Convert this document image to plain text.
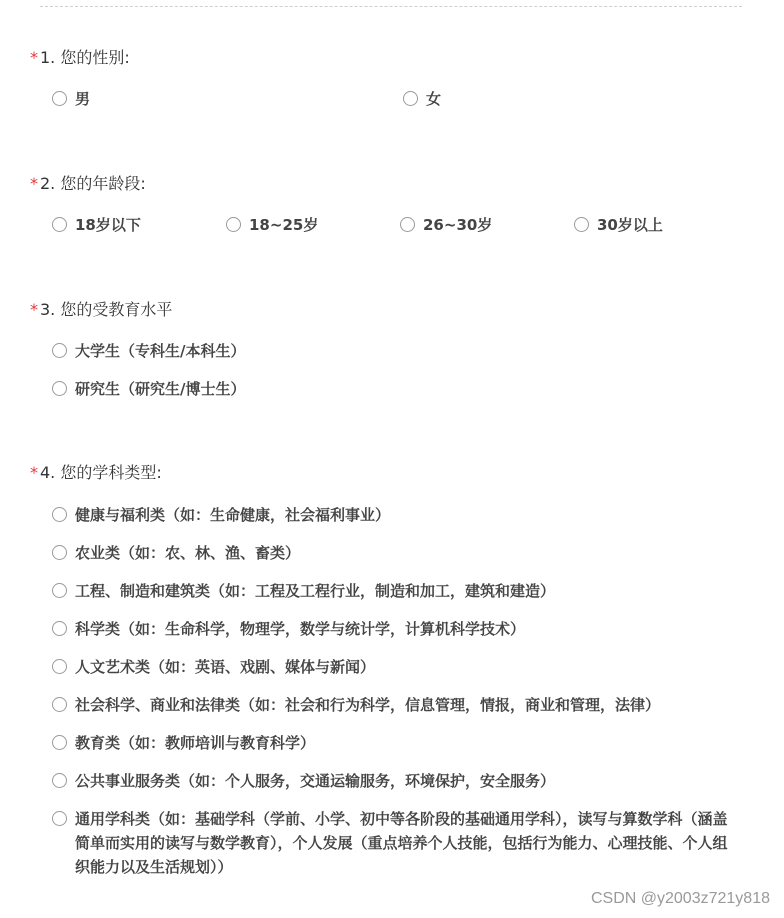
* 1. 您的性别:
男	女
* 2. 您的年龄段:
18岁以下	18~25岁	26~30岁	30岁以上
* 3. 您的受教育水平
大学生（专科生/本科生）
研究生（研究生/博士生）
* 4. 您的学科类型:
健康与福利类（如：生命健康，社会福利事业）
农业类（如：农、林、渔、畜类）
工程、制造和建筑类（如：工程及工程行业，制造和加工，建筑和建造）
科学类（如：生命科学，物理学，数学与统计学，计算机科学技术）
人文艺术类（如：英语、戏剧、媒体与新闻）
社会科学、商业和法律类（如：社会和行为科学，信息管理，情报，商业和管理，法律）
教育类（如：教师培训与教育科学）
公共事业服务类（如：个人服务，交通运输服务，环境保护，安全服务）
通用学科类（如：基础学科（学前、小学、初中等各阶段的基础通用学科），读写与算数学科（涵盖简单而实用的读写与数学教育），个人发展（重点培养个人技能，包括行为能力、心理技能、个人组织能力以及生活规划））
CSDN @y2003z721y818
